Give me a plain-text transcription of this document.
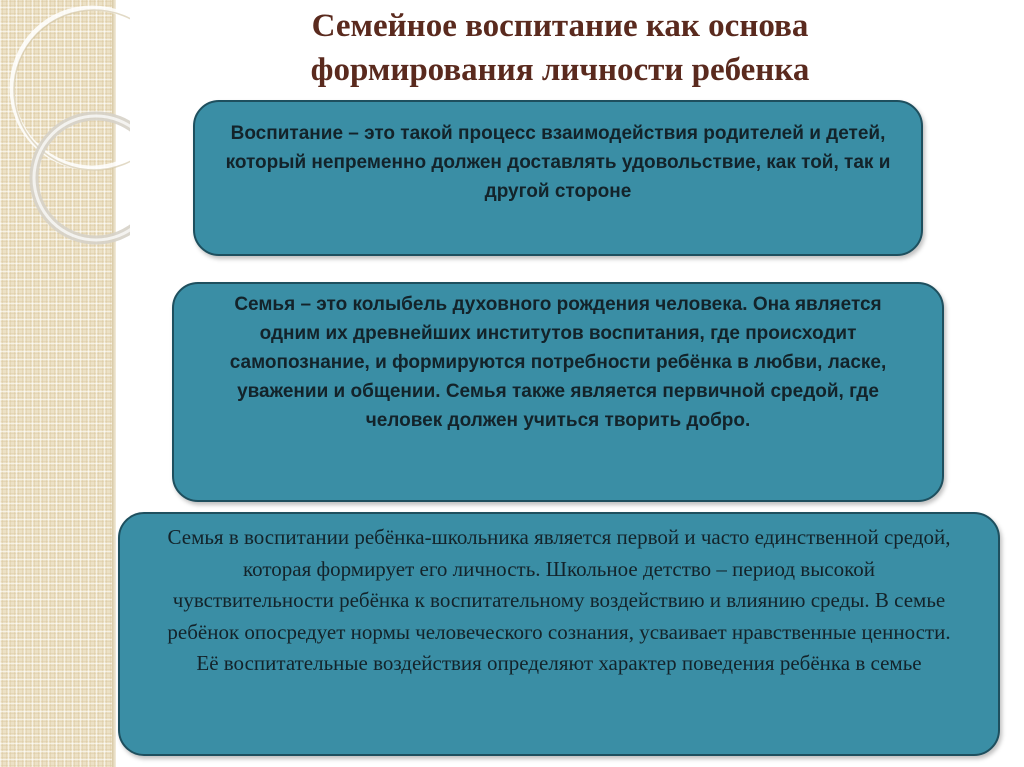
Семейное воспитание как основа
формирования личности ребенка

Воспитание – это такой процесс взаимодействия родителей и детей, который непременно должен доставлять удовольствие, как той, так и другой стороне

Семья – это колыбель духовного рождения человека. Она является одним их древнейших институтов воспитания, где происходит самопознание, и формируются потребности ребёнка в любви, ласке, уважении и общении. Семья также является первичной средой, где человек должен учиться творить добро.

Семья в воспитании ребёнка-школьника является первой и часто единственной средой, которая формирует его личность. Школьное детство – период высокой чувствительности ребёнка к воспитательному воздействию и влиянию среды. В семье ребёнок опосредует нормы человеческого сознания, усваивает нравственные ценности. Её воспитательные воздействия определяют характер поведения ребёнка в семье
